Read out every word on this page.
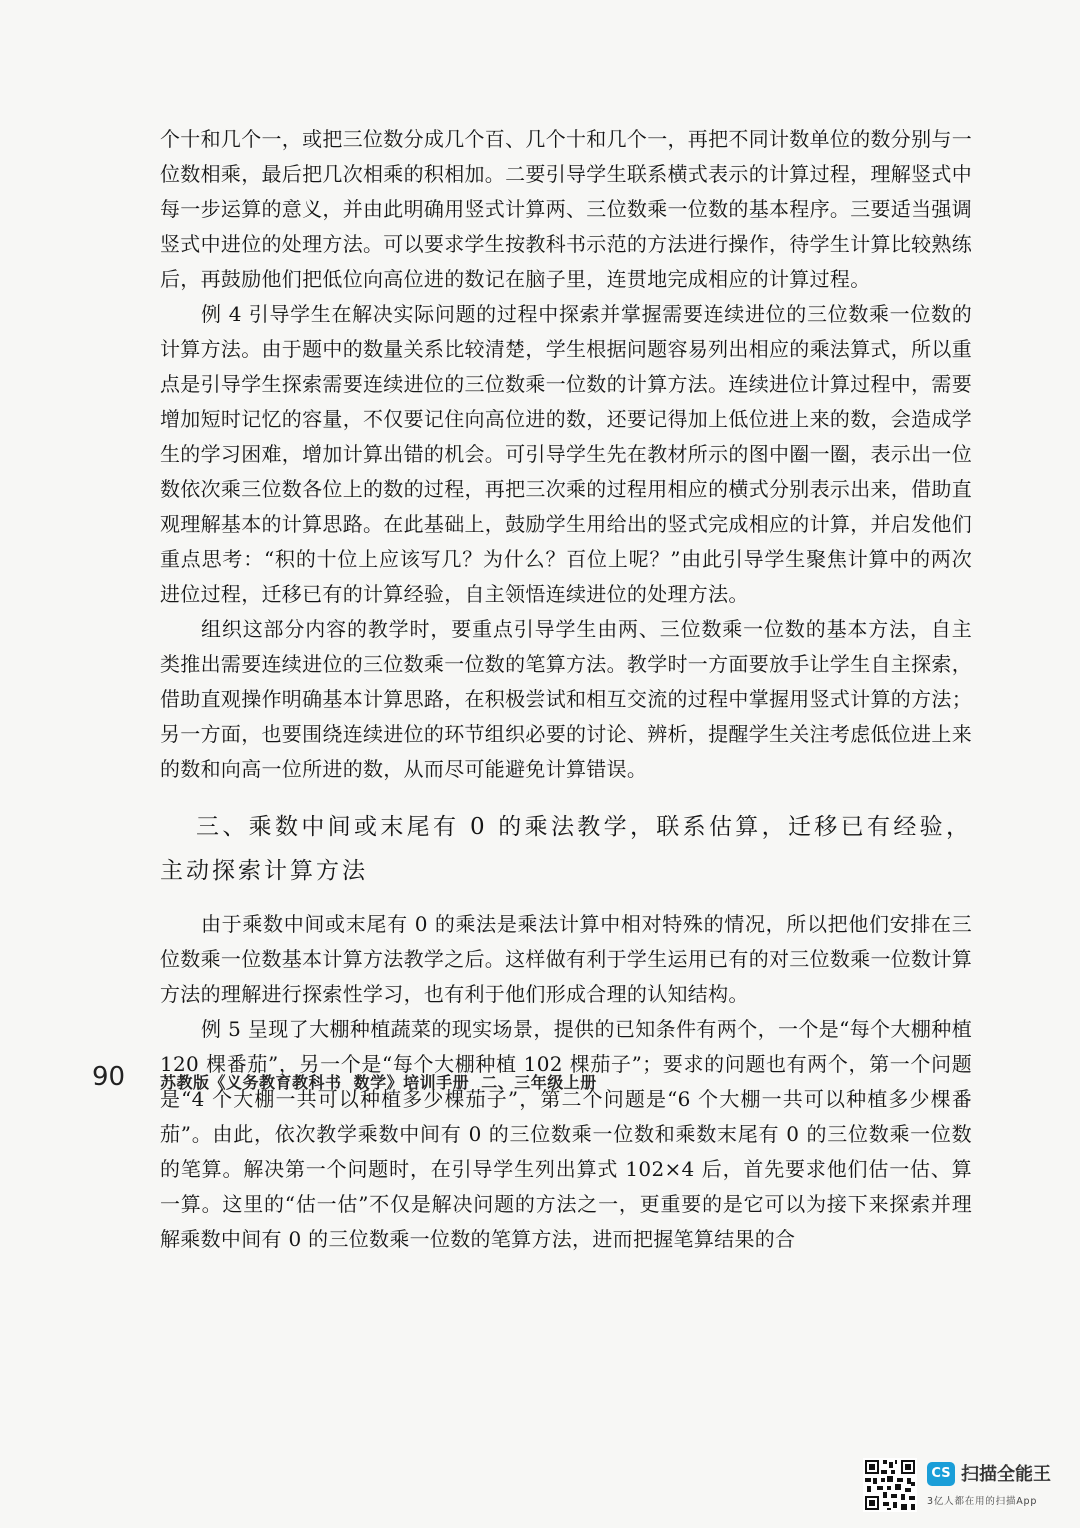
个十和几个一，或把三位数分成几个百、几个十和几个一，再把不同计数单位的数分别与一位数相乘，最后把几次相乘的积相加。二要引导学生联系横式表示的计算过程，理解竖式中每一步运算的意义，并由此明确用竖式计算两、三位数乘一位数的基本程序。三要适当强调竖式中进位的处理方法。可以要求学生按教科书示范的方法进行操作，待学生计算比较熟练后，再鼓励他们把低位向高位进的数记在脑子里，连贯地完成相应的计算过程。

例 4 引导学生在解决实际问题的过程中探索并掌握需要连续进位的三位数乘一位数的计算方法。由于题中的数量关系比较清楚，学生根据问题容易列出相应的乘法算式，所以重点是引导学生探索需要连续进位的三位数乘一位数的计算方法。连续进位计算过程中，需要增加短时记忆的容量，不仅要记住向高位进的数，还要记得加上低位进上来的数，会造成学生的学习困难，增加计算出错的机会。可引导学生先在教材所示的图中圈一圈，表示出一位数依次乘三位数各位上的数的过程，再把三次乘的过程用相应的横式分别表示出来，借助直观理解基本的计算思路。在此基础上，鼓励学生用给出的竖式完成相应的计算，并启发他们重点思考：“积的十位上应该写几？为什么？百位上呢？”由此引导学生聚焦计算中的两次进位过程，迁移已有的计算经验，自主领悟连续进位的处理方法。

组织这部分内容的教学时，要重点引导学生由两、三位数乘一位数的基本方法，自主类推出需要连续进位的三位数乘一位数的笔算方法。教学时一方面要放手让学生自主探索，借助直观操作明确基本计算思路，在积极尝试和相互交流的过程中掌握用竖式计算的方法；另一方面，也要围绕连续进位的环节组织必要的讨论、辨析，提醒学生关注考虑低位进上来的数和向高一位所进的数，从而尽可能避免计算错误。

三、乘数中间或末尾有 0 的乘法教学，联系估算，迁移已有经验，主动探索计算方法

由于乘数中间或末尾有 0 的乘法是乘法计算中相对特殊的情况，所以把他们安排在三位数乘一位数基本计算方法教学之后。这样做有利于学生运用已有的对三位数乘一位数计算方法的理解进行探索性学习，也有利于他们形成合理的认知结构。

例 5 呈现了大棚种植蔬菜的现实场景，提供的已知条件有两个，一个是“每个大棚种植 120 棵番茄”，另一个是“每个大棚种植 102 棵茄子”；要求的问题也有两个，第一个问题是“4 个大棚一共可以种植多少棵茄子”，第二个问题是“6 个大棚一共可以种植多少棵番茄”。由此，依次教学乘数中间有 0 的三位数乘一位数和乘数末尾有 0 的三位数乘一位数的笔算。解决第一个问题时，在引导学生列出算式 102×4 后，首先要求他们估一估、算一算。这里的“估一估”不仅是解决问题的方法之一，更重要的是它可以为接下来探索并理解乘数中间有 0 的三位数乘一位数的笔算方法，进而把握笔算结果的合

90 苏教版《义务教育教科书  数学》培训手册  二、三年级上册
CS 扫描全能王
3亿人都在用的扫描App
